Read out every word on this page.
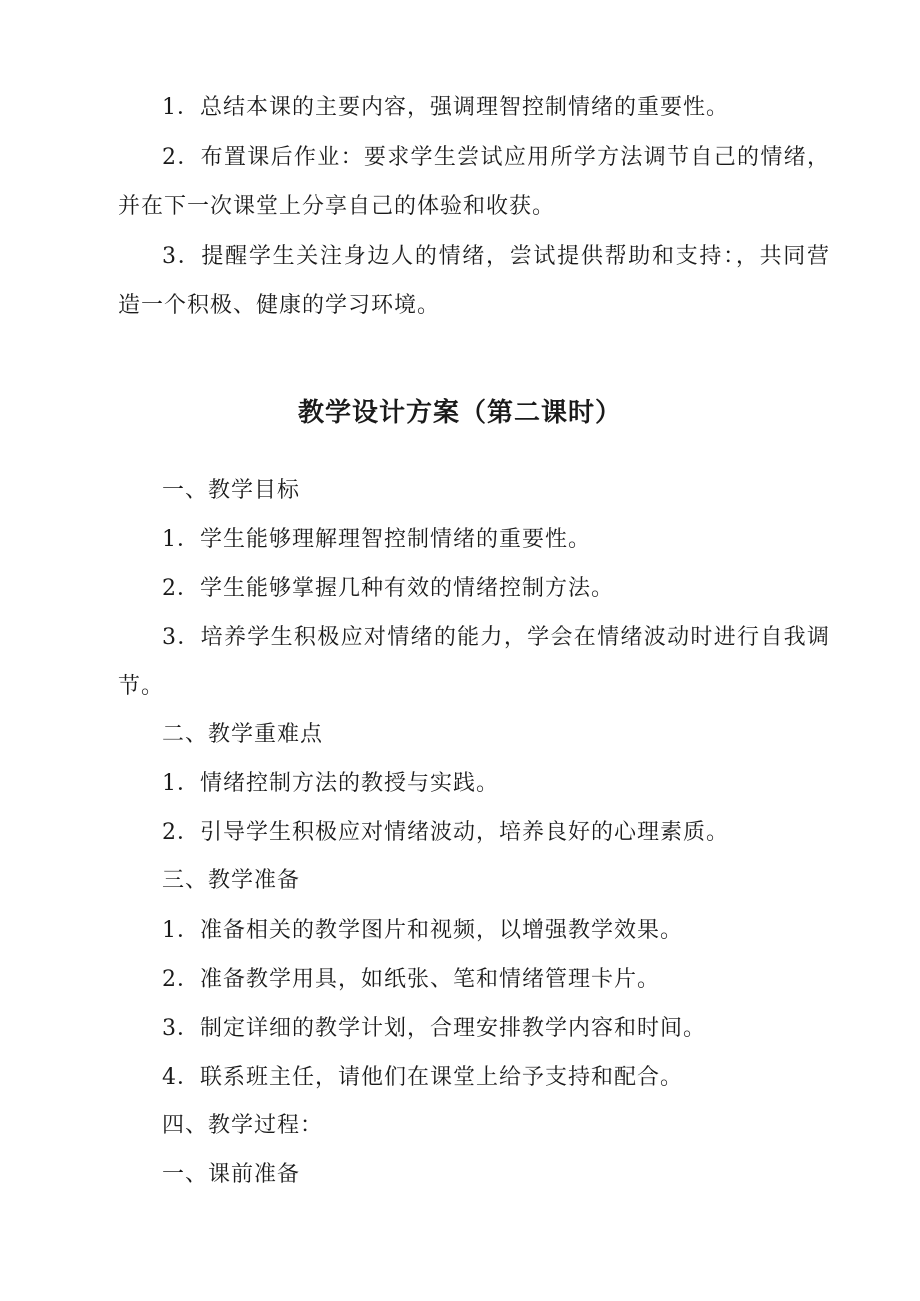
1．总结本课的主要内容，强调理智控制情绪的重要性。

2．布置课后作业：要求学生尝试应用所学方法调节自己的情绪，并在下一次课堂上分享自己的体验和收获。

3．提醒学生关注身边人的情绪，尝试提供帮助和支持：，共同营造一个积极、健康的学习环境。

教学设计方案（第二课时）

一、教学目标

1．学生能够理解理智控制情绪的重要性。

2．学生能够掌握几种有效的情绪控制方法。

3．培养学生积极应对情绪的能力，学会在情绪波动时进行自我调节。

二、教学重难点

1．情绪控制方法的教授与实践。

2．引导学生积极应对情绪波动，培养良好的心理素质。

三、教学准备

1．准备相关的教学图片和视频，以增强教学效果。

2．准备教学用具，如纸张、笔和情绪管理卡片。

3．制定详细的教学计划，合理安排教学内容和时间。

4．联系班主任，请他们在课堂上给予支持和配合。

四、教学过程：

一、课前准备
